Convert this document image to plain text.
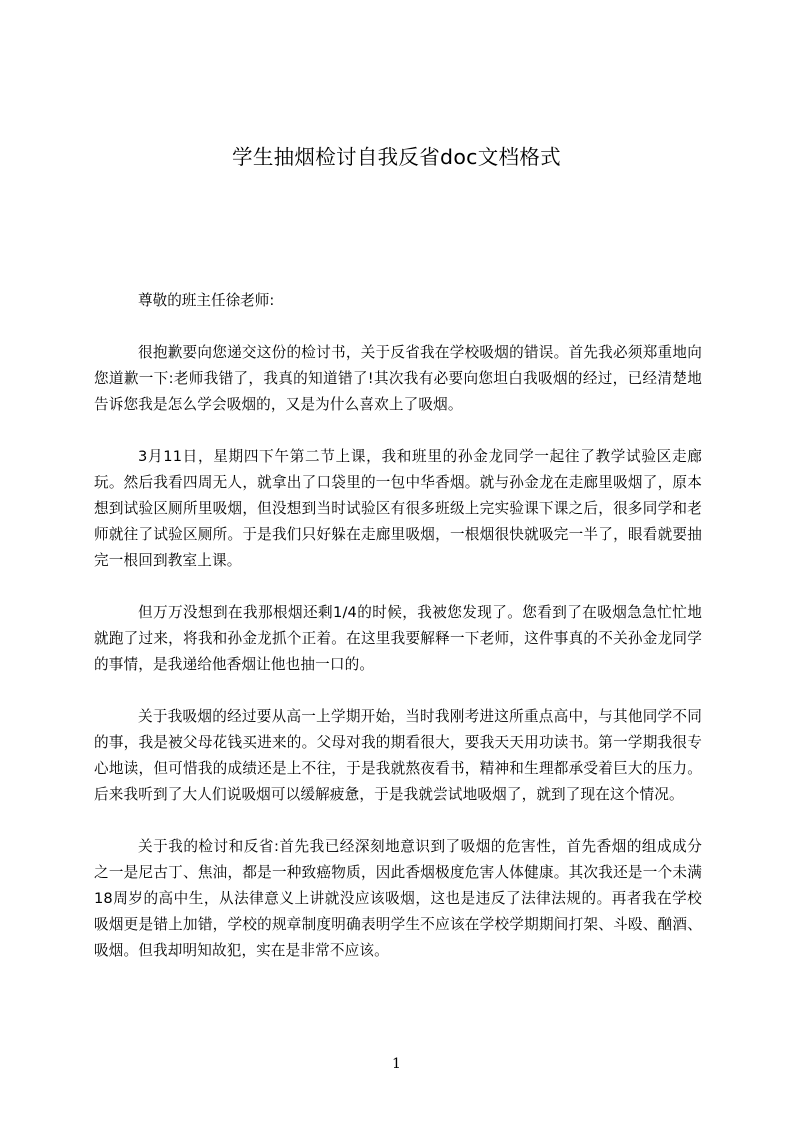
学生抽烟检讨自我反省doc文档格式

尊敬的班主任徐老师:

很抱歉要向您递交这份的检讨书，关于反省我在学校吸烟的错误。首先我必须郑重地向您道歉一下:老师我错了，我真的知道错了!其次我有必要向您坦白我吸烟的经过，已经清楚地告诉您我是怎么学会吸烟的，又是为什么喜欢上了吸烟。

3月11日，星期四下午第二节上课，我和班里的孙金龙同学一起往了教学试验区走廊玩。然后我看四周无人，就拿出了口袋里的一包中华香烟。就与孙金龙在走廊里吸烟了，原本想到试验区厕所里吸烟，但没想到当时试验区有很多班级上完实验课下课之后，很多同学和老师就往了试验区厕所。于是我们只好躲在走廊里吸烟，一根烟很快就吸完一半了，眼看就要抽完一根回到教室上课。

但万万没想到在我那根烟还剩1/4的时候，我被您发现了。您看到了在吸烟急急忙忙地就跑了过来，将我和孙金龙抓个正着。在这里我要解释一下老师，这件事真的不关孙金龙同学的事情，是我递给他香烟让他也抽一口的。

关于我吸烟的经过要从高一上学期开始，当时我刚考进这所重点高中，与其他同学不同的事，我是被父母花钱买进来的。父母对我的期看很大，要我天天用功读书。第一学期我很专心地读，但可惜我的成绩还是上不往，于是我就熬夜看书，精神和生理都承受着巨大的压力。后来我听到了大人们说吸烟可以缓解疲惫，于是我就尝试地吸烟了，就到了现在这个情况。

关于我的检讨和反省:首先我已经深刻地意识到了吸烟的危害性，首先香烟的组成成分之一是尼古丁、焦油，都是一种致癌物质，因此香烟极度危害人体健康。其次我还是一个未满18周岁的高中生，从法律意义上讲就没应该吸烟，这也是违反了法律法规的。再者我在学校吸烟更是错上加错，学校的规章制度明确表明学生不应该在学校学期期间打架、斗殴、酗酒、吸烟。但我却明知故犯，实在是非常不应该。

1
